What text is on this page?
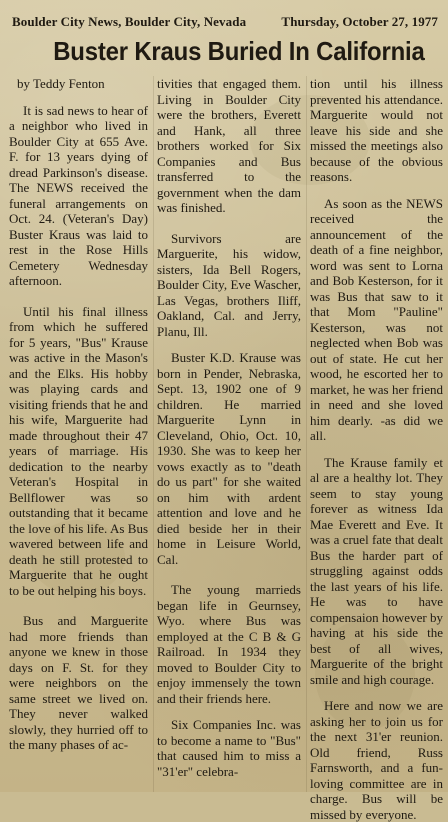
Boulder City News, Boulder City, Nevada	Thursday, October 27, 1977
Buster Kraus Buried In California
by Teddy Fenton

It is sad news to hear of a neighbor who lived in Boulder City at 655 Ave. F. for 13 years dying of dread Parkinson's disease. The NEWS received the funeral arrangements on Oct. 24. (Veteran's Day) Buster Kraus was laid to rest in the Rose Hills Cemetery Wednesday afternoon.

Until his final illness from which he suffered for 5 years, "Bus" Krause was active in the Mason's and the Elks. His hobby was playing cards and visiting friends that he and his wife, Marguerite had made throughout their 47 years of marriage. His dedication to the nearby Veteran's Hospital in Bellflower was so outstanding that it became the love of his life. As Bus wavered between life and death he still protested to Marguerite that he ought to be out helping his boys.

Bus and Marguerite had more friends than anyone we knew in those days on F. St. for they were neighbors on the same street we lived on. They never walked slowly, they hurried off to the many phases of ac-

tivities that engaged them. Living in Boulder City were the brothers, Everett and Hank, all three brothers worked for Six Companies and Bus transferred to the government when the dam was finished.

Survivors are Marguerite, his widow, sisters, Ida Bell Rogers, Boulder City, Eve Wascher, Las Vegas, brothers Iliff, Oakland, Cal. and Jerry, Planu, Ill.

Buster K.D. Krause was born in Pender, Nebraska, Sept. 13, 1902 one of 9 children. He married Marguerite Lynn in Cleveland, Ohio, Oct. 10, 1930. She was to keep her vows exactly as to "death do us part" for she waited on him with ardent attention and love and he died beside her in their home in Leisure World, Cal.

The young marrieds began life in Geurnsey, Wyo. where Bus was employed at the C B & G Railroad. In 1934 they moved to Boulder City to enjoy immensely the town and their friends here.

Six Companies Inc. was to become a name to "Bus" that caused him to miss a "31'er" celebra-

tion until his illness prevented his attendance. Marguerite would not leave his side and she missed the meetings also because of the obvious reasons.

As soon as the NEWS received the announcement of the death of a fine neighbor, word was sent to Lorna and Bob Kesterson, for it was Bus that saw to it that Mom "Pauline" Kesterson, was not neglected when Bob was out of state. He cut her wood, he escorted her to market, he was her friend in need and she loved him dearly. -as did we all.

The Krause family et al are a healthy lot. They seem to stay young forever as witness Ida Mae Everett and Eve. It was a cruel fate that dealt Bus the harder part of struggling against odds the last years of his life. He was to have compensaion however by having at his side the best of all wives, Marguerite of the bright smile and high courage.

Here and now we are asking her to join us for the next 31'er reunion. Old friend, Russ Farnsworth, and a fun-loving committee are in charge. Bus will be missed by everyone.
